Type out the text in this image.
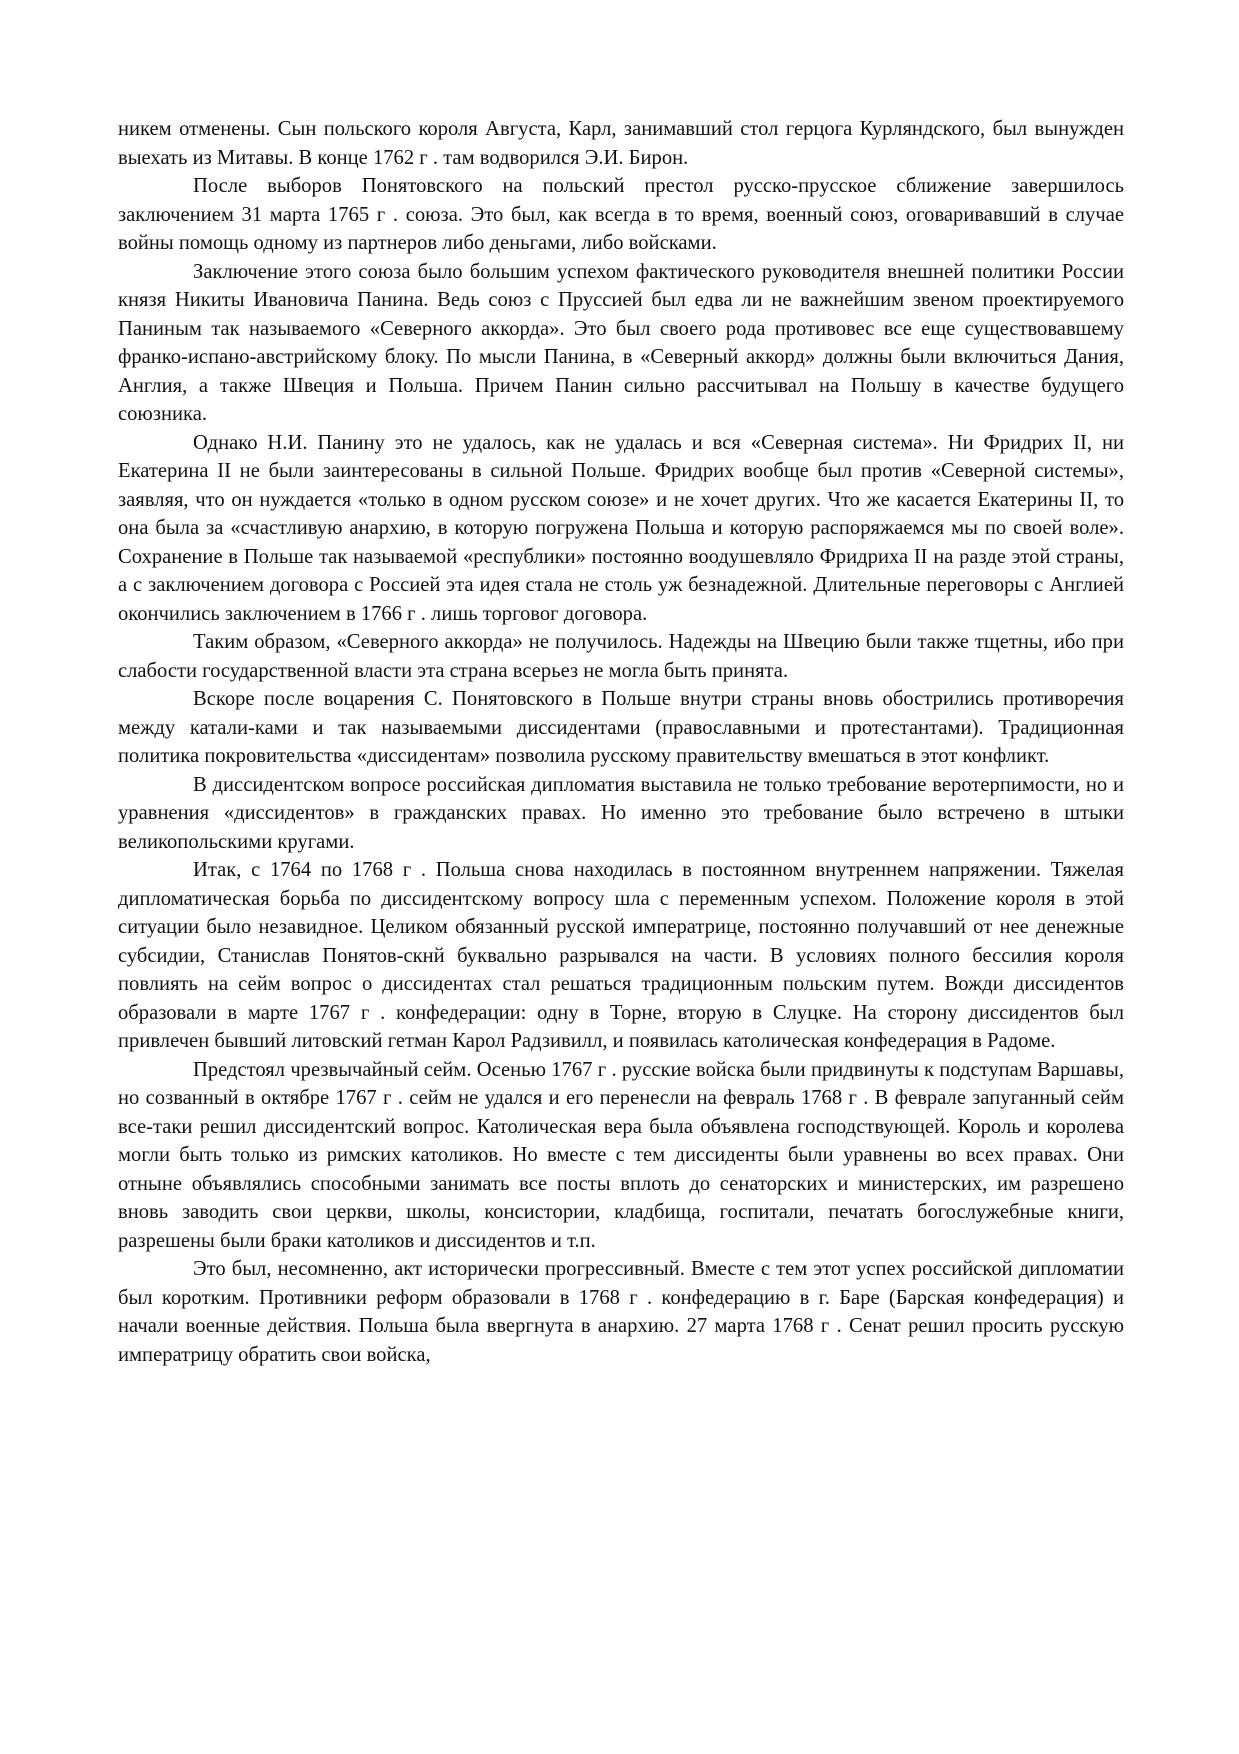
никем отменены. Сын польского короля Августа, Карл, занимавший стол герцога Курляндского, был вынужден выехать из Митавы. В конце 1762 г . там водворился Э.И. Бирон.

После выборов Понятовского на польский престол русско-прусское сближение завершилось заключением 31 марта 1765 г . союза. Это был, как всегда в то время, военный союз, оговаривавший в случае войны помощь одному из партнеров либо деньгами, либо войсками.

Заключение этого союза было большим успехом фактического руководителя внешней политики России князя Никиты Ивановича Панина. Ведь союз с Пруссией был едва ли не важнейшим звеном проектируемого Паниным так называемого «Северного аккорда». Это был своего рода противовес все еще существовавшему франко-испано-австрийскому блоку. По мысли Панина, в «Северный аккорд» должны были включиться Дания, Англия, а также Швеция и Польша. Причем Панин сильно рассчитывал на Польшу в качестве будущего союзника.

Однако Н.И. Панину это не удалось, как не удалась и вся «Северная система». Ни Фридрих II, ни Екатерина II не были заинтересованы в сильной Польше. Фридрих вообще был против «Северной системы», заявляя, что он нуждается «только в одном русском союзе» и не хочет других. Что же касается Екатерины II, то она была за «счастливую анархию, в которую погружена Польша и которую распоряжаемся мы по своей воле». Сохранение в Польше так называемой «республики» постоянно воодушевляло Фридриха II на разде этой страны, а с заключением договора с Россией эта идея стала не столь уж безнадежной. Длительные переговоры с Англией окончились заключением в 1766 г . лишь торговог договора.

Таким образом, «Северного аккорда» не получилось. Надежды на Швецию были также тщетны, ибо при слабости государственной власти эта страна всерьез не могла быть принята.

Вскоре после воцарения С. Понятовского в Польше внутри страны вновь обострились противоречия между катали-ками и так называемыми диссидентами (православными и протестантами). Традиционная политика покровительства «диссидентам» позволила русскому правительству вмешаться в этот конфликт.

В диссидентском вопросе российская дипломатия выставила не только требование веротерпимости, но и уравнения «диссидентов» в гражданских правах. Но именно это требование было встречено в штыки великопольскими кругами.

Итак, с 1764 по 1768 г . Польша снова находилась в постоянном внутреннем напряжении. Тяжелая дипломатическая борьба по диссидентскому вопросу шла с переменным успехом. Положение короля в этой ситуации было незавидное. Целиком обязанный русской императрице, постоянно получавший от нее денежные субсидии, Станислав Понятов-скнй буквально разрывался на части. В условиях полного бессилия короля повлиять на сейм вопрос о диссидентах стал решаться традиционным польским путем. Вожди диссидентов образовали в марте 1767 г . конфедерации: одну в Торне, вторую в Слуцке. На сторону диссидентов был привлечен бывший литовский гетман Карол Радзивилл, и появилась католическая конфедерация в Радоме.

Предстоял чрезвычайный сейм. Осенью 1767 г . русские войска были придвинуты к подступам Варшавы, но созванный в октябре 1767 г . сейм не удался и его перенесли на февраль 1768 г . В феврале запуганный сейм все-таки решил диссидентский вопрос. Католическая вера была объявлена господствующей. Король и королева могли быть только из римских католиков. Но вместе с тем диссиденты были уравнены во всех правах. Они отныне объявлялись способными занимать все посты вплоть до сенаторских и министерских, им разрешено вновь заводить свои церкви, школы, консистории, кладбища, госпитали, печатать богослужебные книги, разрешены были браки католиков и диссидентов и т.п.

Это был, несомненно, акт исторически прогрессивный. Вместе с тем этот успех российской дипломатии был коротким. Противники реформ образовали в 1768 г . конфедерацию в г. Баре (Барская конфедерация) и начали военные действия. Польша была ввергнута в анархию. 27 марта 1768 г . Сенат решил просить русскую императрицу обратить свои войска,
